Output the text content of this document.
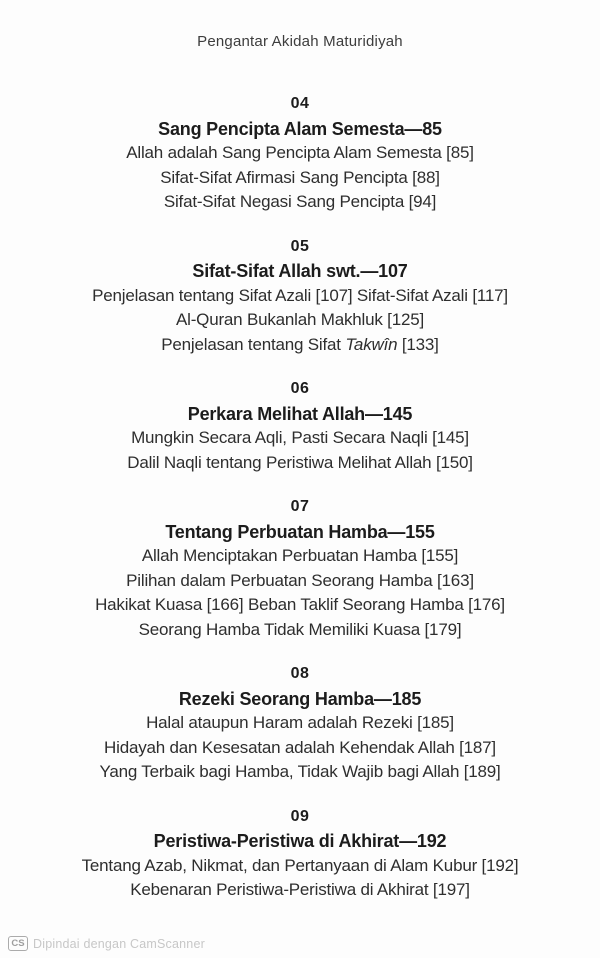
Pengantar Akidah Maturidiyah
04
Sang Pencipta Alam Semesta—85
Allah adalah Sang Pencipta Alam Semesta [85]
Sifat-Sifat Afirmasi Sang Pencipta [88]
Sifat-Sifat Negasi Sang Pencipta [94]
05
Sifat-Sifat Allah swt.—107
Penjelasan tentang Sifat Azali [107] Sifat-Sifat Azali [117]
Al-Quran Bukanlah Makhluk [125]
Penjelasan tentang Sifat Takwîn [133]
06
Perkara Melihat Allah—145
Mungkin Secara Aqli, Pasti Secara Naqli [145]
Dalil Naqli tentang Peristiwa Melihat Allah [150]
07
Tentang Perbuatan Hamba—155
Allah Menciptakan Perbuatan Hamba [155]
Pilihan dalam Perbuatan Seorang Hamba [163]
Hakikat Kuasa [166] Beban Taklif Seorang Hamba [176]
Seorang Hamba Tidak Memiliki Kuasa [179]
08
Rezeki Seorang Hamba—185
Halal ataupun Haram adalah Rezeki [185]
Hidayah dan Kesesatan adalah Kehendak Allah [187]
Yang Terbaik bagi Hamba, Tidak Wajib bagi Allah [189]
09
Peristiwa-Peristiwa di Akhirat—192
Tentang Azab, Nikmat, dan Pertanyaan di Alam Kubur [192]
Kebenaran Peristiwa-Peristiwa di Akhirat [197]
CS Dipindai dengan CamScanner
